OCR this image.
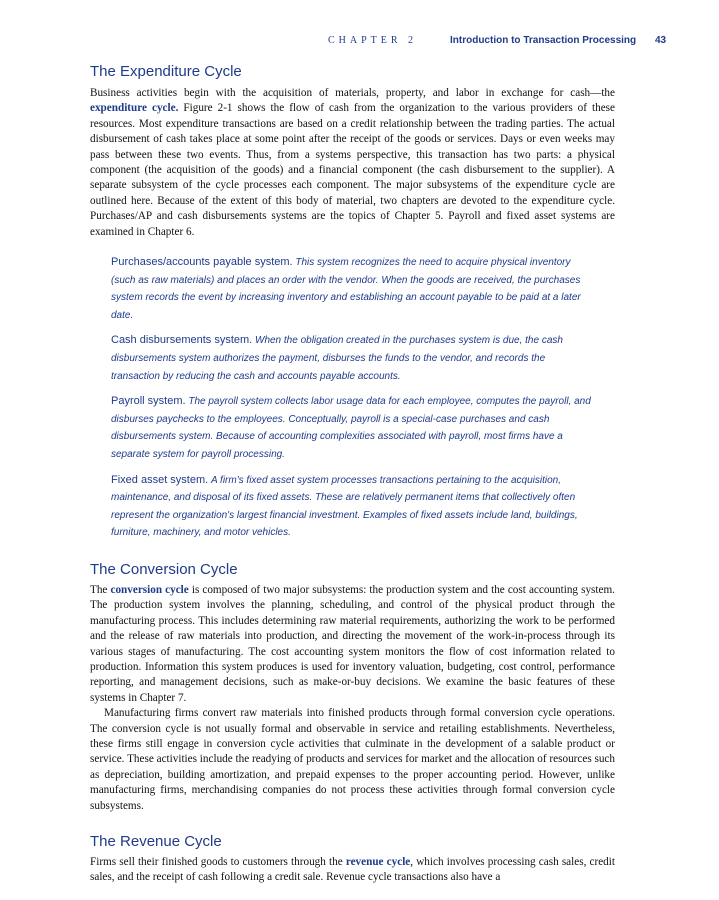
CHAPTER 2	Introduction to Transaction Processing 43
The Expenditure Cycle

Business activities begin with the acquisition of materials, property, and labor in exchange for cash—the expenditure cycle. Figure 2-1 shows the flow of cash from the organization to the various providers of these resources. Most expenditure transactions are based on a credit relationship between the trading parties. The actual disbursement of cash takes place at some point after the receipt of the goods or services. Days or even weeks may pass between these two events. Thus, from a systems perspective, this transaction has two parts: a physical component (the acquisition of the goods) and a financial component (the cash disbursement to the supplier). A separate subsystem of the cycle processes each component. The major subsystems of the expenditure cycle are outlined here. Because of the extent of this body of material, two chapters are devoted to the expenditure cycle. Purchases/AP and cash disbursements systems are the topics of Chapter 5. Payroll and fixed asset systems are examined in Chapter 6.

Purchases/accounts payable system. This system recognizes the need to acquire physical inventory (such as raw materials) and places an order with the vendor. When the goods are received, the purchases system records the event by increasing inventory and establishing an account payable to be paid at a later date.

Cash disbursements system. When the obligation created in the purchases system is due, the cash disbursements system authorizes the payment, disburses the funds to the vendor, and records the transaction by reducing the cash and accounts payable accounts.

Payroll system. The payroll system collects labor usage data for each employee, computes the payroll, and disburses paychecks to the employees. Conceptually, payroll is a special-case purchases and cash disbursements system. Because of accounting complexities associated with payroll, most firms have a separate system for payroll processing.

Fixed asset system. A firm's fixed asset system processes transactions pertaining to the acquisition, maintenance, and disposal of its fixed assets. These are relatively permanent items that collectively often represent the organization's largest financial investment. Examples of fixed assets include land, buildings, furniture, machinery, and motor vehicles.

The Conversion Cycle

The conversion cycle is composed of two major subsystems: the production system and the cost accounting system. The production system involves the planning, scheduling, and control of the physical product through the manufacturing process. This includes determining raw material requirements, authorizing the work to be performed and the release of raw materials into production, and directing the movement of the work-in-process through its various stages of manufacturing. The cost accounting system monitors the flow of cost information related to production. Information this system produces is used for inventory valuation, budgeting, cost control, performance reporting, and management decisions, such as make-or-buy decisions. We examine the basic features of these systems in Chapter 7.

Manufacturing firms convert raw materials into finished products through formal conversion cycle operations. The conversion cycle is not usually formal and observable in service and retailing establishments. Nevertheless, these firms still engage in conversion cycle activities that culminate in the development of a salable product or service. These activities include the readying of products and services for market and the allocation of resources such as depreciation, building amortization, and prepaid expenses to the proper accounting period. However, unlike manufacturing firms, merchandising companies do not process these activities through formal conversion cycle subsystems.

The Revenue Cycle

Firms sell their finished goods to customers through the revenue cycle, which involves processing cash sales, credit sales, and the receipt of cash following a credit sale. Revenue cycle transactions also have a
